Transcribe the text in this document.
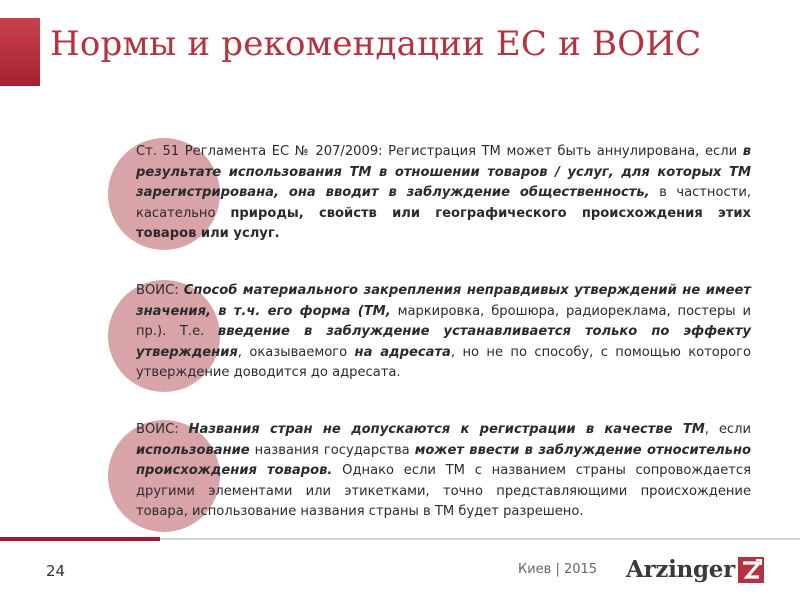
Нормы и рекомендации ЕС и ВОИС

Ст. 51 Регламента ЕС № 207/2009: Регистрация ТМ может быть аннулирована, если в результате использования ТМ в отношении товаров / услуг, для которых ТМ зарегистрирована, она вводит в заблуждение общественность, в частности, касательно природы, свойств или географического происхождения этих товаров или услуг.

ВОИС: Способ материального закрепления неправдивых утверждений не имеет значения, в т.ч. его форма (ТМ, маркировка, брошюра, радиореклама, постеры и пр.). Т.е. введение в заблуждение устанавливается только по эффекту утверждения, оказываемого на адресата, но не по способу, с помощью которого утверждение доводится до адресата.

ВОИС: Названия стран не допускаются к регистрации в качестве ТМ, если использование названия государства может ввести в заблуждение относительно происхождения товаров. Однако если ТМ с названием страны сопровождается другими элементами или этикетками, точно представляющими происхождение товара, использование названия страны в ТМ будет разрешено.

24	Киев | 2015 Arzinger
